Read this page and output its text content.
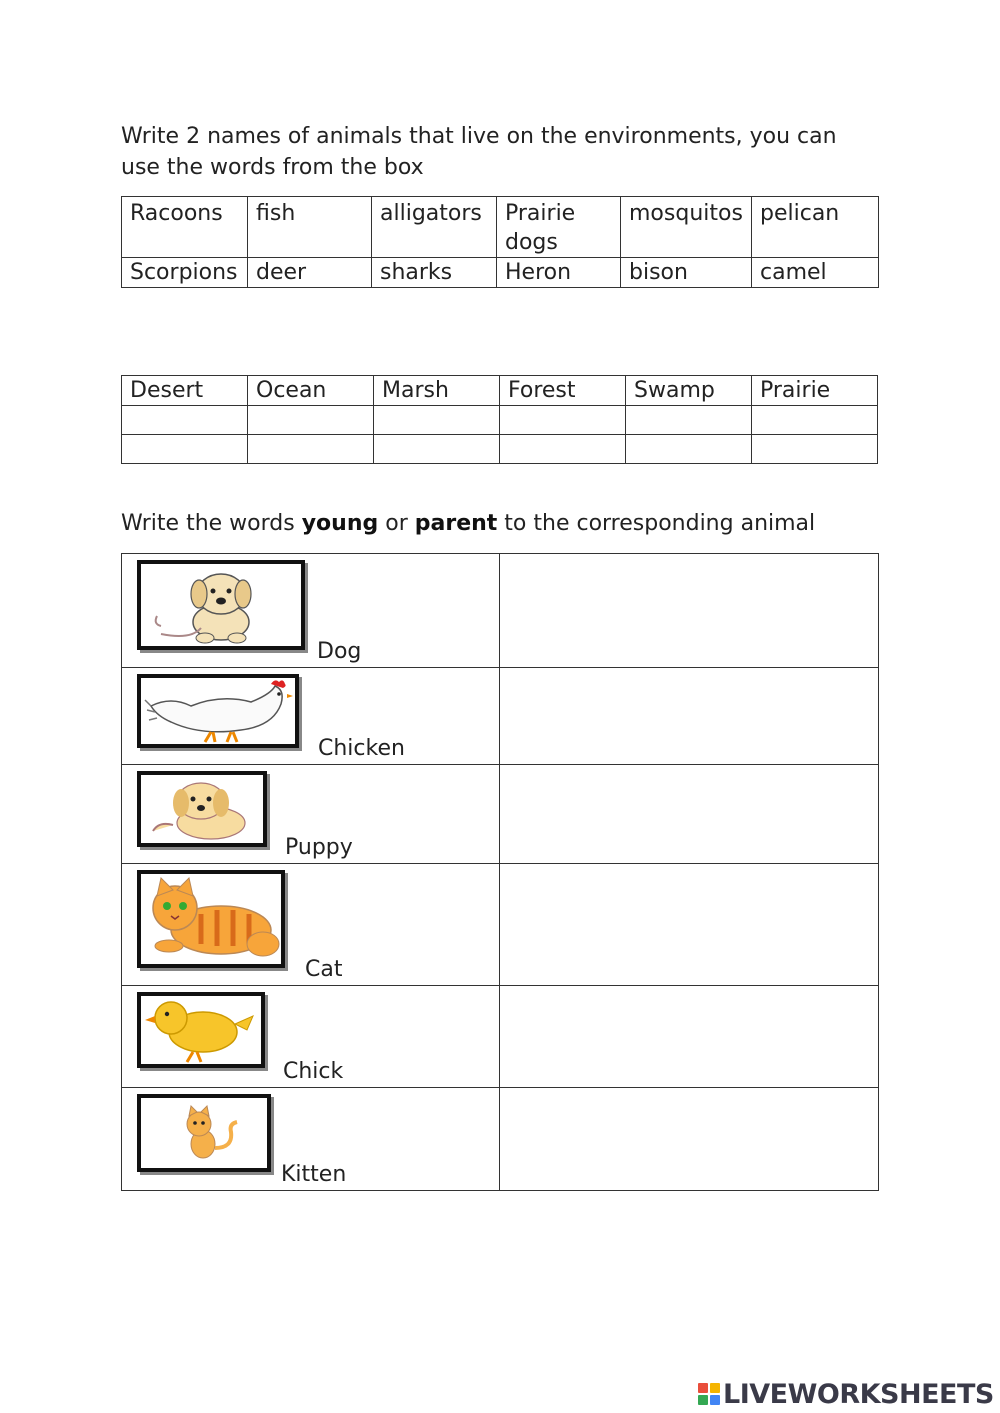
Write 2 names of animals that live on the environments, you can use the words from the box

Racoons	fish	alligators	Prairie dogs	mosquitos	pelican
Scorpions	deer	sharks	Heron	bison	camel
Desert	Ocean	Marsh	Forest	Swamp	Prairie

Write the words young or parent to the corresponding animal

Dog	

Chicken	

Puppy	

Cat	

Chick	

Kitten	

LIVEWORKSHEETS
